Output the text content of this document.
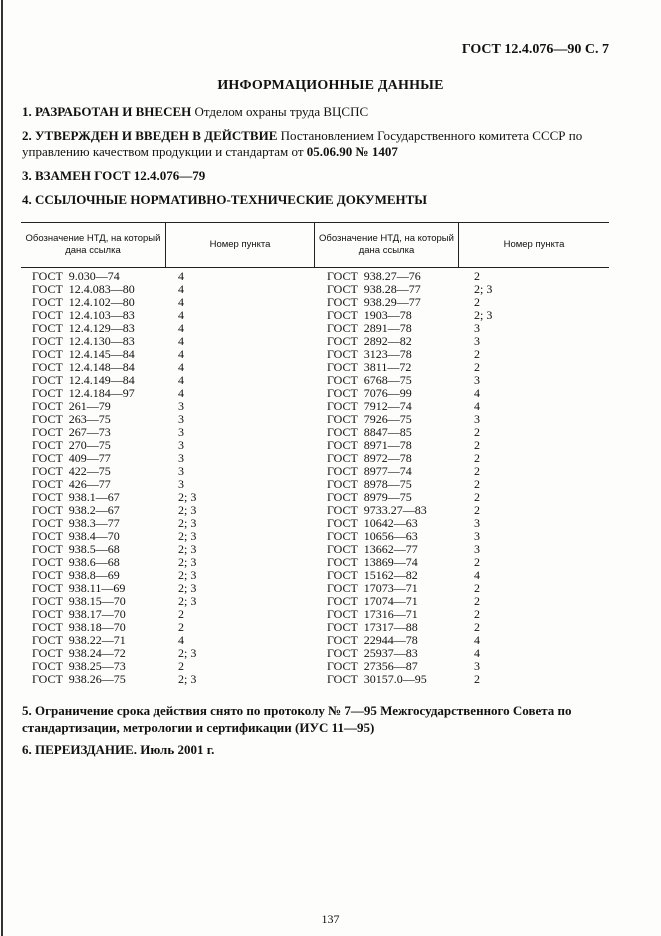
ГОСТ 12.4.076—90 С. 7
ИНФОРМАЦИОННЫЕ ДАННЫЕ
1. РАЗРАБОТАН И ВНЕСЕН Отделом охраны труда ВЦСПС
2. УТВЕРЖДЕН И ВВЕДЕН В ДЕЙСТВИЕ Постановлением Государственного комитета СССР по управлению качеством продукции и стандартам от 05.06.90 № 1407
3. ВЗАМЕН ГОСТ 12.4.076—79
4. ССЫЛОЧНЫЕ НОРМАТИВНО-ТЕХНИЧЕСКИЕ ДОКУМЕНТЫ
Обозначение НТД, на который дана ссылка
Номер пункта
Обозначение НТД, на который дана ссылка
Номер пункта
ГОСТ  9.030—74
ГОСТ  12.4.083—80
ГОСТ  12.4.102—80
ГОСТ  12.4.103—83
ГОСТ  12.4.129—83
ГОСТ  12.4.130—83
ГОСТ  12.4.145—84
ГОСТ  12.4.148—84
ГОСТ  12.4.149—84
ГОСТ  12.4.184—97
ГОСТ  261—79
ГОСТ  263—75
ГОСТ  267—73
ГОСТ  270—75
ГОСТ  409—77
ГОСТ  422—75
ГОСТ  426—77
ГОСТ  938.1—67
ГОСТ  938.2—67
ГОСТ  938.3—77
ГОСТ  938.4—70
ГОСТ  938.5—68
ГОСТ  938.6—68
ГОСТ  938.8—69
ГОСТ  938.11—69
ГОСТ  938.15—70
ГОСТ  938.17—70
ГОСТ  938.18—70
ГОСТ  938.22—71
ГОСТ  938.24—72
ГОСТ  938.25—73
ГОСТ  938.26—75
4
4
4
4
4
4
4
4
4
4
3
3
3
3
3
3
3
2; 3
2; 3
2; 3
2; 3
2; 3
2; 3
2; 3
2; 3
2; 3
2
2
4
2; 3
2
2; 3
ГОСТ  938.27—76
ГОСТ  938.28—77
ГОСТ  938.29—77
ГОСТ  1903—78
ГОСТ  2891—78
ГОСТ  2892—82
ГОСТ  3123—78
ГОСТ  3811—72
ГОСТ  6768—75
ГОСТ  7076—99
ГОСТ  7912—74
ГОСТ  7926—75
ГОСТ  8847—85
ГОСТ  8971—78
ГОСТ  8972—78
ГОСТ  8977—74
ГОСТ  8978—75
ГОСТ  8979—75
ГОСТ  9733.27—83
ГОСТ  10642—63
ГОСТ  10656—63
ГОСТ  13662—77
ГОСТ  13869—74
ГОСТ  15162—82
ГОСТ  17073—71
ГОСТ  17074—71
ГОСТ  17316—71
ГОСТ  17317—88
ГОСТ  22944—78
ГОСТ  25937—83
ГОСТ  27356—87
ГОСТ  30157.0—95
2
2; 3
2
2; 3
3
3
2
2
3
4
4
3
2
2
2
2
2
2
2
3
3
3
2
4
2
2
2
2
4
4
3
2
5. Ограничение срока действия снято по протоколу № 7—95 Межгосударственного Совета по стандартизации, метрологии и сертификации (ИУС 11—95)
6. ПЕРЕИЗДАНИЕ. Июль 2001 г.
137
